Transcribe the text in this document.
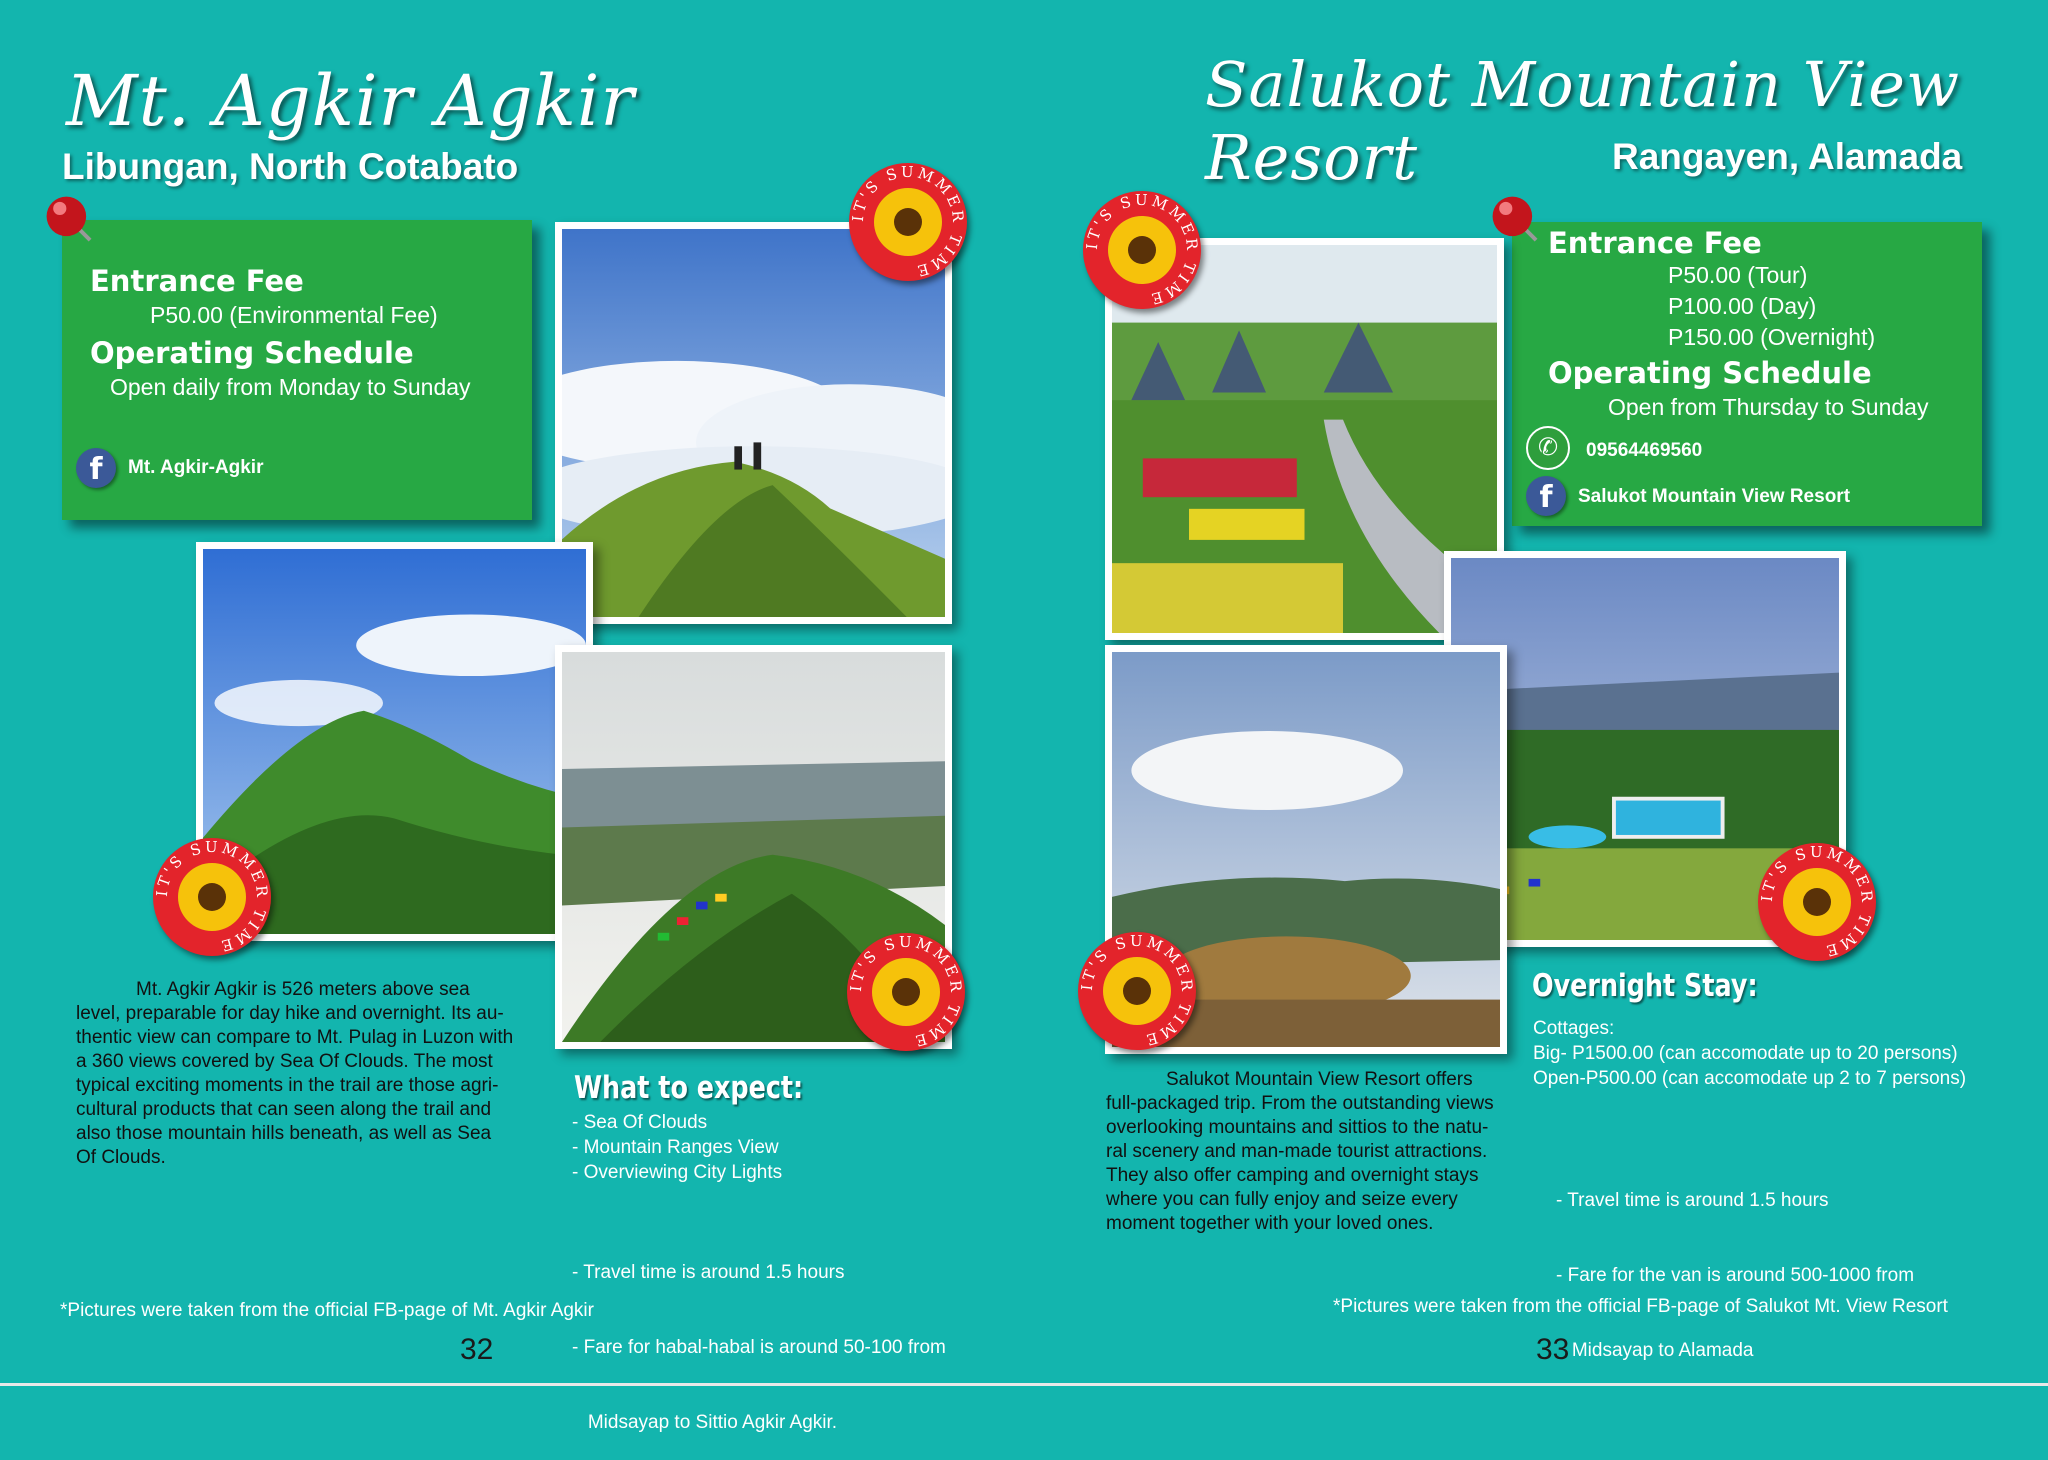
Mt. Agkir Agkir
Libungan, North Cotabato
Entrance Fee
P50.00 (Environmental Fee)
Operating Schedule
Open daily from Monday to Sunday
f	Mt. Agkir-Agkir
IT'S SUMMER TIME
IT'S SUMMER TIME
IT'S SUMMER TIME
Mt. Agkir Agkir is 526 meters above sea
level, preparable for day hike and overnight. Its au-
thentic view can compare to Mt. Pulag in Luzon with
a 360 views covered by Sea Of Clouds. The most
typical exciting moments in the trail are those agri-
cultural products that can seen along the trail and
also those mountain hills beneath, as well as Sea
Of Clouds.
What to expect:
- Sea Of Clouds
- Mountain Ranges View
- Overviewing City Lights

- Travel time is around 1.5 hours

- Fare for habal-habal is around 50-100 from

Midsayap to Sittio Agkir Agkir.

*Pictures were taken from the official FB-page of Mt. Agkir Agkir
32
Salukot Mountain View Resort	Rangayen, Alamada
Entrance Fee
P50.00 (Tour)
P100.00 (Day)
P150.00 (Overnight)
Operating Schedule
Open from Thursday to Sunday
✆	09564469560
f	Salukot Mountain View Resort
IT'S SUMMER TIME
IT'S SUMMER TIME
IT'S SUMMER TIME
Overnight Stay:
Cottages:
Big- P1500.00 (can accomodate up to 20 persons)
Open-P500.00 (can accomodate up 2 to 7 persons)
Salukot Mountain View Resort offers
full-packaged trip. From the outstanding views
overlooking mountains and sittios to the natu-
ral scenery and man-made tourist attractions.
They also offer camping and overnight stays
where you can fully enjoy and seize every
moment together with your loved ones.

- Travel time is around 1.5 hours

- Fare for the van is around 500-1000 from

Midsayap to Alamada

*Pictures were taken from the official FB-page of Salukot Mt. View Resort
33
